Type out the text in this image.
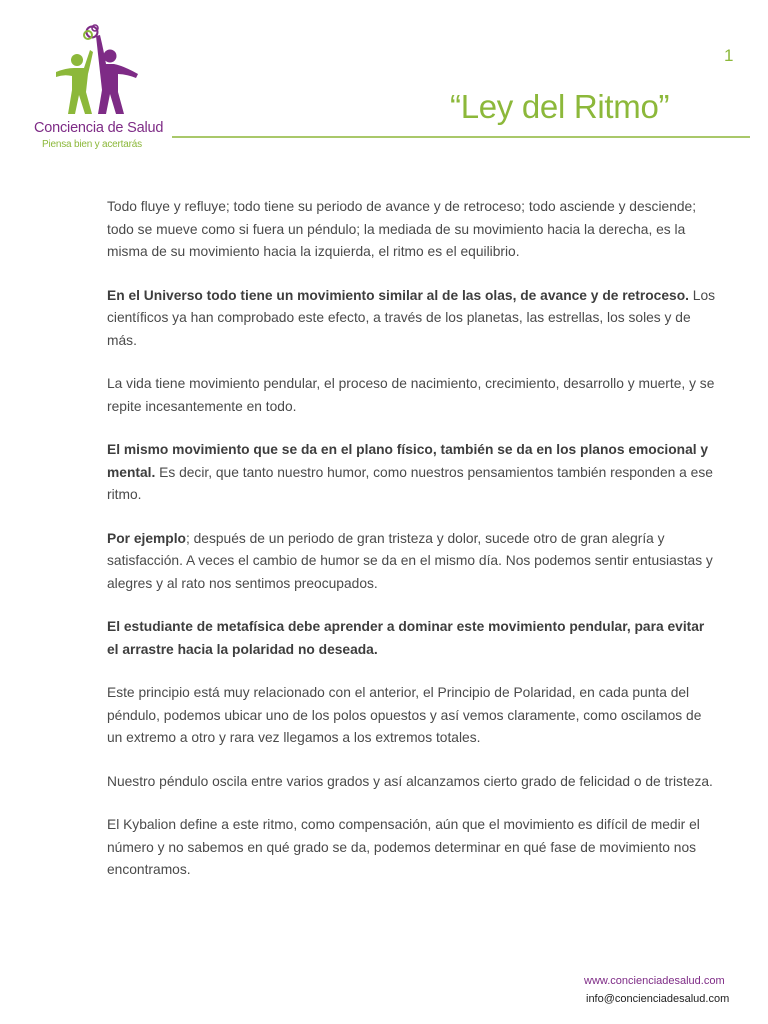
Conciencia de Salud
Piensa bien y acertarás
1
“Ley del Ritmo”

Todo fluye y refluye; todo tiene su periodo de avance y de retroceso; todo asciende y desciende; todo se mueve como si fuera un péndulo; la mediada de su movimiento hacia la derecha, es la misma de su movimiento hacia la izquierda, el ritmo es el equilibrio.

En el Universo todo tiene un movimiento similar al de las olas, de avance y de retroceso. Los científicos ya han comprobado este efecto, a través de los planetas, las estrellas, los soles y de más.

La vida tiene movimiento pendular, el proceso de nacimiento, crecimiento, desarrollo y muerte, y se repite incesantemente en todo.

El mismo movimiento que se da en el plano físico, también se da en los planos emocional y mental. Es decir, que tanto nuestro humor, como nuestros pensamientos también responden a ese ritmo.

Por ejemplo; después de un periodo de gran tristeza y dolor, sucede otro de gran alegría y satisfacción. A veces el cambio de humor se da en el mismo día. Nos podemos sentir entusiastas y alegres y al rato nos sentimos preocupados.

El estudiante de metafísica debe aprender a dominar este movimiento pendular, para evitar el arrastre hacia la polaridad no deseada.

Este principio está muy relacionado con el anterior, el Principio de Polaridad, en cada punta del péndulo, podemos ubicar uno de los polos opuestos y así vemos claramente, como oscilamos de un extremo a otro y rara vez llegamos a los extremos totales.

Nuestro péndulo oscila entre varios grados y así alcanzamos cierto grado de felicidad o de tristeza.

El Kybalion define a este ritmo, como compensación, aún que el movimiento es difícil de medir el número y no sabemos en qué grado se da, podemos determinar en qué fase de movimiento nos encontramos.

www.concienciadesalud.com
info@concienciadesalud.com
